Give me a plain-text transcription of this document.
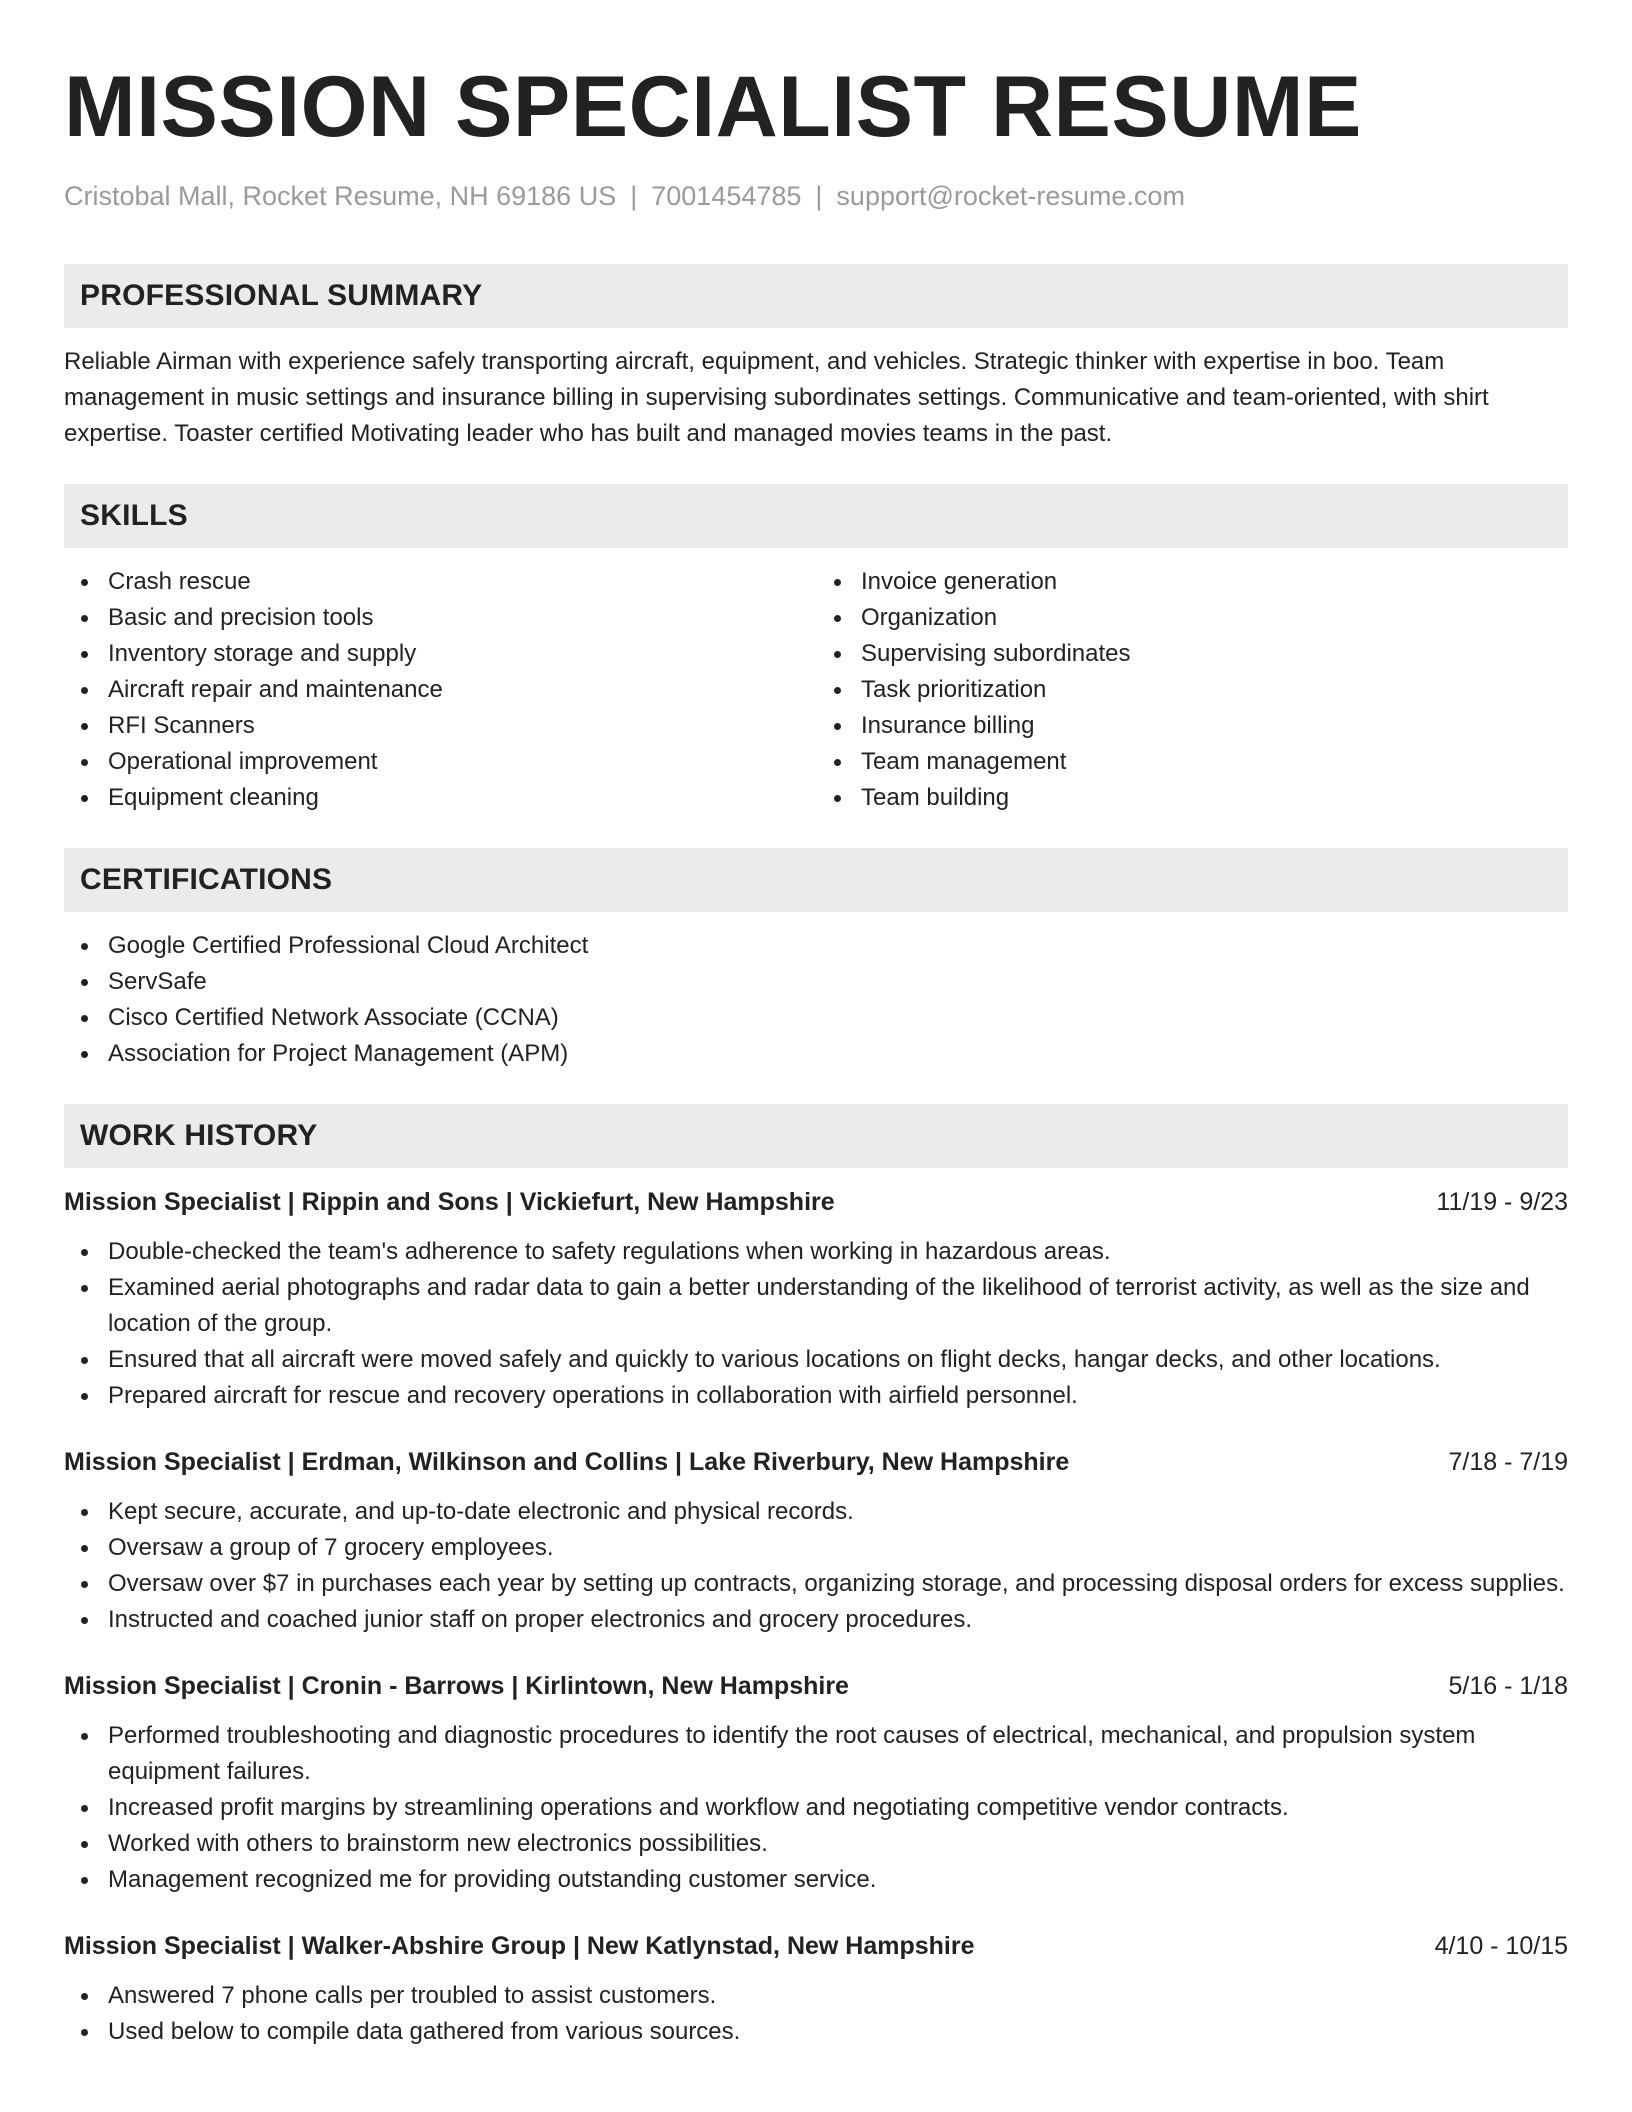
MISSION SPECIALIST RESUME
Cristobal Mall, Rocket Resume, NH 69186 US | 7001454785 | support@rocket-resume.com
PROFESSIONAL SUMMARY
Reliable Airman with experience safely transporting aircraft, equipment, and vehicles. Strategic thinker with expertise in boo. Team management in music settings and insurance billing in supervising subordinates settings. Communicative and team-oriented, with shirt expertise. Toaster certified Motivating leader who has built and managed movies teams in the past.
SKILLS
Crash rescue
Basic and precision tools
Inventory storage and supply
Aircraft repair and maintenance
RFI Scanners
Operational improvement
Equipment cleaning
Invoice generation
Organization
Supervising subordinates
Task prioritization
Insurance billing
Team management
Team building
CERTIFICATIONS
Google Certified Professional Cloud Architect
ServSafe
Cisco Certified Network Associate (CCNA)
Association for Project Management (APM)
WORK HISTORY
Mission Specialist | Rippin and Sons | Vickiefurt, New Hampshire	11/19 - 9/23
Double-checked the team's adherence to safety regulations when working in hazardous areas.
Examined aerial photographs and radar data to gain a better understanding of the likelihood of terrorist activity, as well as the size and location of the group.
Ensured that all aircraft were moved safely and quickly to various locations on flight decks, hangar decks, and other locations.
Prepared aircraft for rescue and recovery operations in collaboration with airfield personnel.
Mission Specialist | Erdman, Wilkinson and Collins | Lake Riverbury, New Hampshire	7/18 - 7/19
Kept secure, accurate, and up-to-date electronic and physical records.
Oversaw a group of 7 grocery employees.
Oversaw over $7 in purchases each year by setting up contracts, organizing storage, and processing disposal orders for excess supplies.
Instructed and coached junior staff on proper electronics and grocery procedures.
Mission Specialist | Cronin - Barrows | Kirlintown, New Hampshire	5/16 - 1/18
Performed troubleshooting and diagnostic procedures to identify the root causes of electrical, mechanical, and propulsion system equipment failures.
Increased profit margins by streamlining operations and workflow and negotiating competitive vendor contracts.
Worked with others to brainstorm new electronics possibilities.
Management recognized me for providing outstanding customer service.
Mission Specialist | Walker-Abshire Group | New Katlynstad, New Hampshire	4/10 - 10/15
Answered 7 phone calls per troubled to assist customers.
Used below to compile data gathered from various sources.
